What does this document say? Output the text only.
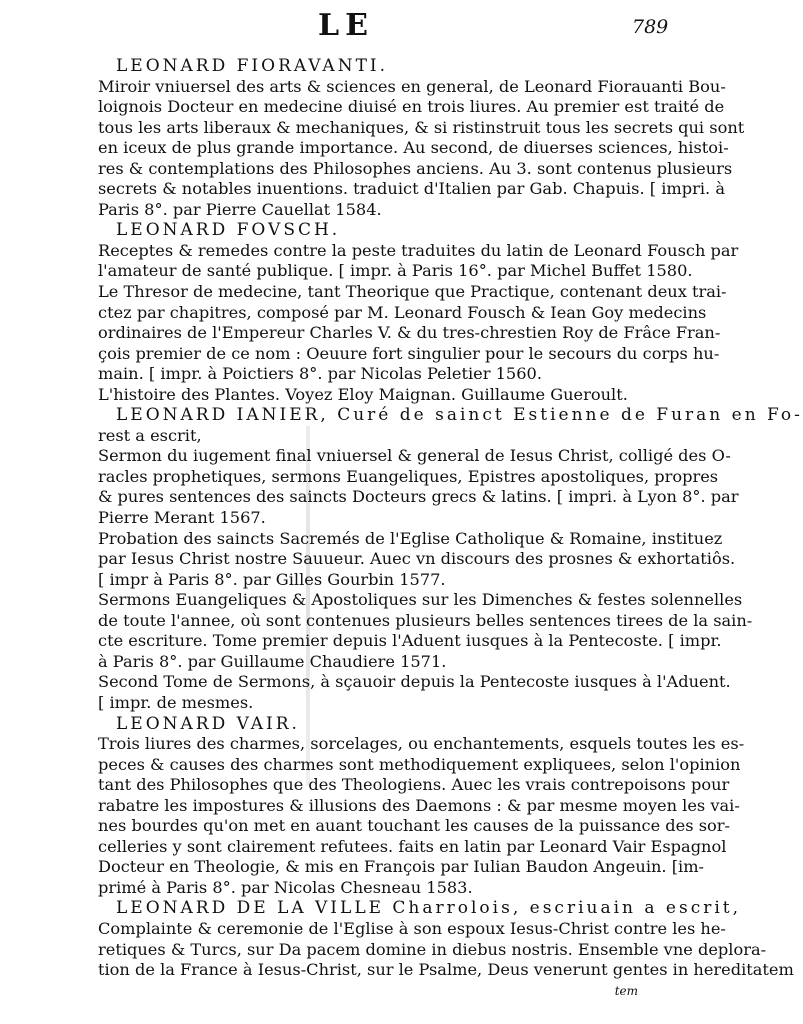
LE	789
LEONARD FIORAVANTI.
Miroir vniuersel des arts & sciences en general, de Leonard Fiorauanti Bou-
loignois Docteur en medecine diuisé en trois liures. Au premier est traité de
tous les arts liberaux & mechaniques, & si ristinstruit tous les secrets qui sont
en iceux de plus grande importance. Au second, de diuerses sciences, histoi-
res & contemplations des Philosophes anciens. Au 3. sont contenus plusieurs
secrets & notables inuentions. traduict d'Italien par Gab. Chapuis. [ impri. à
Paris 8°. par Pierre Cauellat 1584.
LEONARD FOVSCH.
Receptes & remedes contre la peste traduites du latin de Leonard Fousch par
l'amateur de santé publique. [ impr. à Paris 16°. par Michel Buffet 1580.
Le Thresor de medecine, tant Theorique que Practique, contenant deux trai-
ctez par chapitres, composé par M. Leonard Fousch & Iean Goy medecins
ordinaires de l'Empereur Charles V. & du tres-chrestien Roy de Frâce Fran-
çois premier de ce nom : Oeuure fort singulier pour le secours du corps hu-
main. [ impr. à Poictiers 8°. par Nicolas Peletier 1560.
L'histoire des Plantes. Voyez Eloy Maignan. Guillaume Gueroult.
LEONARD IANIER, Curé de sainct Estienne de Furan en Fo-
rest a escrit,
Sermon du iugement final vniuersel & general de Iesus Christ, colligé des O-
racles prophetiques, sermons Euangeliques, Epistres apostoliques, propres
& pures sentences des saincts Docteurs grecs & latins. [ impri. à Lyon 8°. par
Pierre Merant 1567.
Probation des saincts Sacremés de l'Eglise Catholique & Romaine, instituez
par Iesus Christ nostre Sauueur. Auec vn discours des prosnes & exhortatiôs.
[ impr à Paris 8°. par Gilles Gourbin 1577.
Sermons Euangeliques & Apostoliques sur les Dimenches & festes solennelles
de toute l'annee, où sont contenues plusieurs belles sentences tirees de la sain-
cte escriture. Tome premier depuis l'Aduent iusques à la Pentecoste. [ impr.
à Paris 8°. par Guillaume Chaudiere 1571.
Second Tome de Sermons, à sçauoir depuis la Pentecoste iusques à l'Aduent.
[ impr. de mesmes.
LEONARD VAIR.
Trois liures des charmes, sorcelages, ou enchantements, esquels toutes les es-
peces & causes des charmes sont methodiquement expliquees, selon l'opinion
tant des Philosophes que des Theologiens. Auec les vrais contrepoisons pour
rabatre les impostures & illusions des Daemons : & par mesme moyen les vai-
nes bourdes qu'on met en auant touchant les causes de la puissance des sor-
celleries y sont clairement refutees. faits en latin par Leonard Vair Espagnol
Docteur en Theologie, & mis en François par Iulian Baudon Angeuin. [im-
primé à Paris 8°. par Nicolas Chesneau 1583.
LEONARD DE LA VILLE Charrolois, escriuain a escrit,
Complainte & ceremonie de l'Eglise à son espoux Iesus-Christ contre les he-
retiques & Turcs, sur Da pacem domine in diebus nostris. Ensemble vne deplora-
tion de la France à Iesus-Christ, sur le Psalme, Deus venerunt gentes in hereditatem
tem
